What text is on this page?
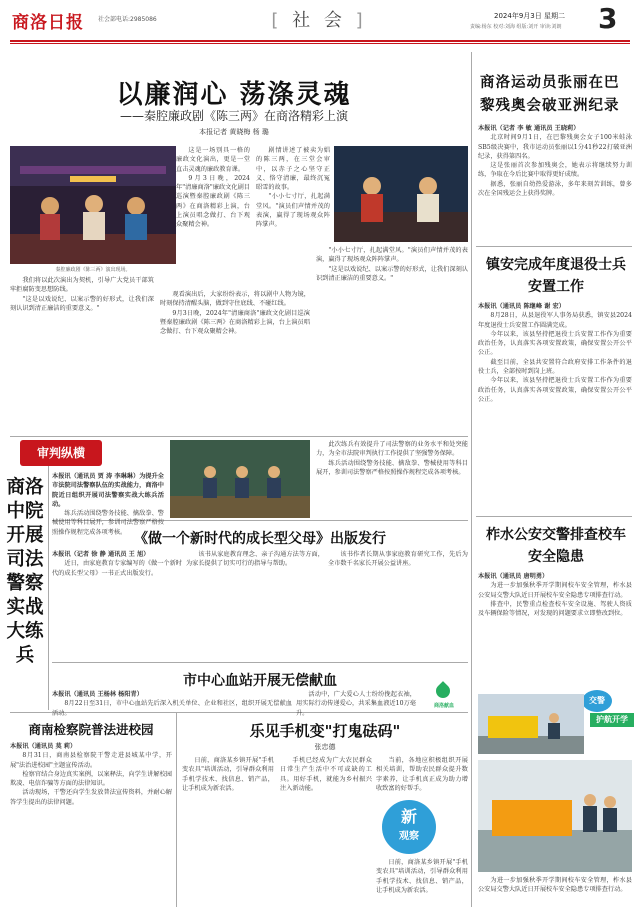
商洛日报 社会部电话:2985086	[ 社 会 ]	2024年9月3日 星期二
责编:杨东 校对:刘海 组版:刘开 审读:刘朗 3
以廉润心 荡涤灵魂
——秦腔廉政剧《陈三两》在商洛精彩上演
本报记者 黄晓梅 杨 璐
秦腔廉政剧《陈三两》演出现场。

这是一场别具一格的廉政文化演出，更是一堂直击灵魂的廉政教育课。

9月3日晚，2024年"清廉商洛"廉政文化剧目巡演暨秦腔廉政剧《陈三两》在商洛精彩上演，台上演员唱念做打、台下观众聚精会神。

剧情讲述了被卖为娼的陈三两，在三堂会审中，以赤子之心坚守正义、恪守清廉，最终沉冤昭雪的故事。

"小小七寸厅，扎起满堂风。"演员们声情并茂的表演，赢得了现场观众阵阵掌声。

我们将以此次演出为契机，引导广大党员干部筑牢拒腐防变思想防线。

"这是以戏说纪、以案示警的好形式，让我们深刻认识到清正廉洁的重要意义。"

观看演出后，大家纷纷表示，将以剧中人物为镜，时刻保持清醒头脑，做到守住底线、不碰红线。

9月3日晚，2024年"清廉商洛"廉政文化剧目巡演暨秦腔廉政剧《陈三两》在商洛精彩上演，台上演员唱念做打、台下观众聚精会神。

"小小七寸厅，扎起满堂风。"演员们声情并茂的表演，赢得了现场观众阵阵掌声。

"这是以戏说纪、以案示警的好形式，让我们深刻认识到清正廉洁的重要意义。"

商洛运动员张丽在巴黎残奥会破亚洲纪录

本报讯（记者 李 敏 通讯员 王晓莉）

北京时间9月1日，在巴黎残奥会女子100米蛙泳SB5级决赛中，我市运动员张丽以1分41秒22打破亚洲纪录，获得第四名。

这是张丽首次参加残奥会，她表示将继续努力训练，争取在今后比赛中取得更好成绩。

据悉，张丽自幼热爱游泳，多年来刻苦训练，曾多次在全国残运会上获得奖牌。

镇安完成年度退役士兵安置工作

本报讯（通讯员 陈继峰 谢 宏）

8月28日，从县退役军人事务局获悉，镇安县2024年度退役士兵安置工作圆满完成。

今年以来，该县坚持把退役士兵安置工作作为重要政治任务，认真落实各项安置政策，确保安置公开公平公正。

截至目前，全县共安置符合政府安排工作条件的退役士兵，全部按时到岗上班。

今年以来，该县坚持把退役士兵安置工作作为重要政治任务，认真落实各项安置政策，确保安置公开公平公正。

柞水公安交警排查校车安全隐患

本报讯（通讯员 唐明勇）

为进一步加强秋季开学期间校车安全管理，柞水县公安局交警大队近日开展校车安全隐患专项排查行动。

排查中，民警重点检查校车安全设施、驾驶人资质及车辆保险等情况，对发现的问题要求立即整改到位。

交警
护航开学

为进一步加强秋季开学期间校车安全管理，柞水县公安局交警大队近日开展校车安全隐患专项排查行动。

审判纵横
商洛中院开展司法警察实战大练兵

本报讯（通讯员 贾 涛 李琳琳）为提升全市法院司法警察队伍的实战能力，商洛中院近日组织开展司法警察实战大练兵活动。

练兵活动围绕警务技能、擒敌拳、警械使用等科目展开，参训司法警察严格按照操作规程完成各项考核。

此次练兵有效提升了司法警察的业务水平和处突能力，为全市法院审判执行工作提供了坚强警务保障。

练兵活动围绕警务技能、擒敌拳、警械使用等科目展开，参训司法警察严格按照操作规程完成各项考核。

《做一个新时代的成长型父母》出版发行

本报讯（记者 徐 静 通讯员 王 旭）

近日，由家庭教育专家编写的《做一个新时代的成长型父母》一书正式出版发行。

该书从家庭教育理念、亲子沟通方法等方面，为家长提供了切实可行的指导与帮助。

该书作者长期从事家庭教育研究工作，先后为全市数千名家长开展公益讲座。

市中心血站开展无偿献血

本报讯（通讯员 王杨林 杨阳青）

8月22日至31日，市中心血站先后深入机关单位、企业和社区，组织开展无偿献血活动。

活动中，广大爱心人士纷纷挽起衣袖，用实际行动传递爱心，共采集血液近10万毫升。

商洛献血
商南检察院普法进校园

本报讯（通讯员 莫 莉）

8月31日，商南县检察院干警走进县城某中学，开展"法治进校园"主题宣传活动。

检察官结合身边真实案例，以案释法，向学生讲解校园欺凌、电信诈骗等方面的法律知识。

活动现场，干警还向学生发放普法宣传资料，并耐心解答学生提出的法律问题。

乐见手机变"打鬼砝码"
张忠德

日前，商洛某乡镇开展"手机变农具"培训活动，引导群众利用手机学技术、找信息、销产品，让手机成为新农活。

手机已经成为广大农民群众日常生产生活中不可或缺的工具。用好手机，就能为乡村振兴注入新动能。

当前，各地应积极组织开展相关培训，帮助农民群众提升数字素养，让手机真正成为助力增收致富的好帮手。

新
观察

日前，商洛某乡镇开展"手机变农具"培训活动，引导群众利用手机学技术、找信息、销产品，让手机成为新农活。
